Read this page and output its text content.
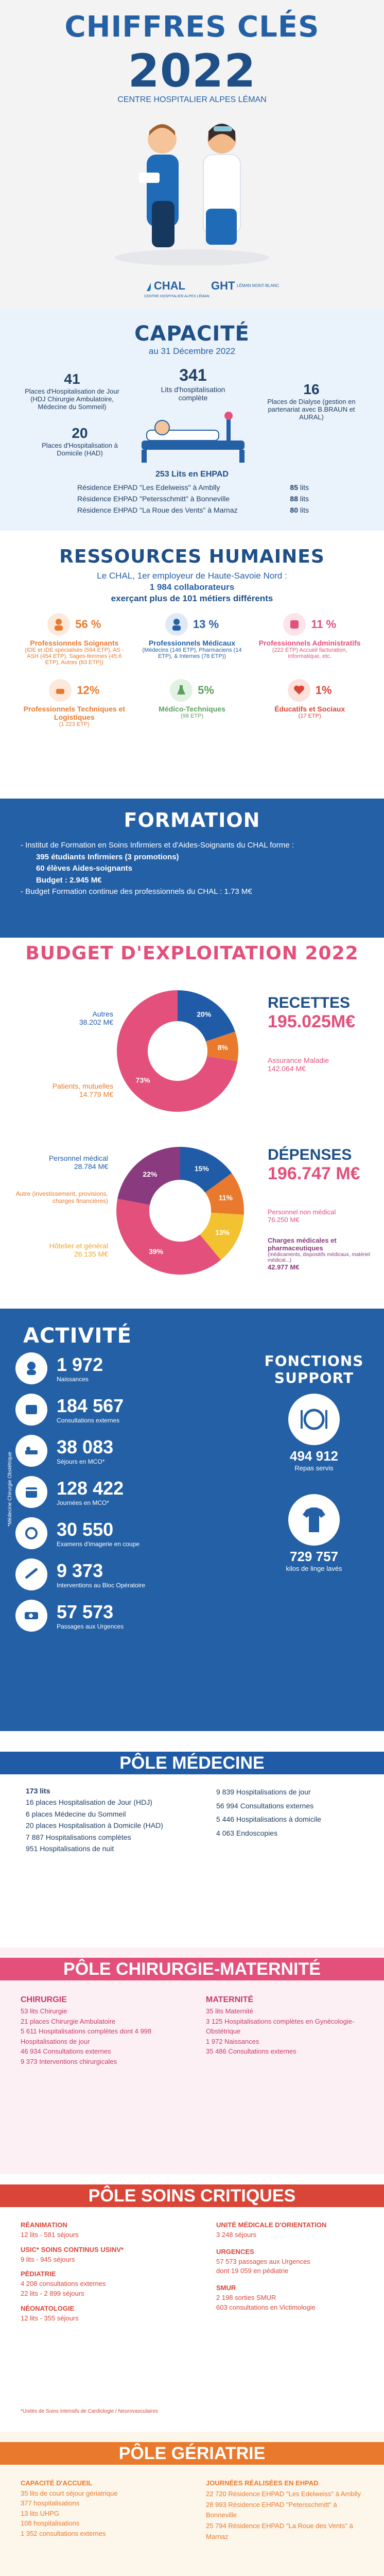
CHIFFRES CLÉS
2022
CENTRE HOSPITALIER ALPES LÉMAN
CHAL
CENTRE HOSPITALIER ALPES LÉMAN
GHT LÉMAN MONT-BLANC
CAPACITÉ
au 31 Décembre 2022
341
Lits d'hospitalisation complète
41
Places d'Hospitalisation de Jour (HDJ Chirurgie Ambulatoire, Médecine du Sommeil)
16
Places de Dialyse (gestion en partenariat avec B.BRAUN et AURAL)
20
Places d'Hospitalisation à Domicile (HAD)
253 Lits en EHPAD
Résidence EHPAD "Les Edelweiss" à Amblly	85 lits
Résidence EHPAD "Petersschmitt" à Bonneville	88 lits
Résidence EHPAD "La Roue des Vents" à Marnaz	80 lits
RESSOURCES HUMAINES
Le CHAL, 1er employeur de Haute-Savoie Nord :
1 984 collaborateurs
exerçant plus de 101 métiers différents
56 %
Professionnels Soignants
(IDE et IDE spécialisés (594 ETP), AS - ASH (454 ETP), Sages-femmes (45.6 ETP), Autres (83 ETP))
13 %
Professionnels Médicaux
(Médecins (146 ETP), Pharmaciens (14 ETP), & Internes (78 ETP))
11 %
Professionnels Administratifs
(222 ETP) Accueil facturation, informatique, etc.
12%
Professionnels Techniques et Logistiques
(1 223 ETP)
5%
Médico-Techniques
(98 ETP)
1%
Éducatifs et Sociaux
(17 ETP)
FORMATION
- Institut de Formation en Soins Infirmiers et d'Aides-Soignants du CHAL forme :
395 étudiants Infirmiers (3 promotions)
60 élèves Aides-soignants
Budget : 2.945 M€
- Budget Formation continue des professionnels du CHAL : 1.73 M€
BUDGET D'EXPLOITATION 2022
20%
8%
73%
RECETTES
195.025M€
Autres
38.202 M€
Patients, mutuelles
14.779 M€
Assurance Maladie
142.064 M€
15%
11%
13%
39%
22%
DÉPENSES
196.747 M€
Personnel médical
28.784 M€
Autre (investissement, provisions, charges financières)
Hôtelier et général
26.135 M€
Personnel non médical
76.250 M€
Charges médicales et pharmaceutiques
(médicaments, dispositifs médicaux, matériel médical...)
42.977 M€
ACTIVITÉ
1 972
Naissances
184 567
Consultations externes
38 083
Séjours en MCO*
128 422
Journées en MCO*
30 550
Examens d'imagerie en coupe
9 373
Interventions au Bloc Opératoire
57 573
Passages aux Urgences
*Médecine Chirurgie Obstétrique
FONCTIONS SUPPORT
494 912
Repas servis
729 757
kilos de linge lavés
PÔLE MÉDECINE
173 lits
16 places Hospitalisation de Jour (HDJ)
6 places Médecine du Sommeil
20 places Hospitalisation à Domicile (HAD)
7 887 Hospitalisations complètes
951 Hospitalisations de nuit
9 839 Hospitalisations de jour
56 994 Consultations externes
5 446 Hospitalisations à domicile
4 063 Endoscopies
PÔLE CHIRURGIE-MATERNITÉ
CHIRURGIE
53 lits Chirurgie
21 places Chirurgie Ambulatoire
5 611 Hospitalisations complètes dont 4 998 Hospitalisations de jour
46 934 Consultations externes
9 373 Interventions chirurgicales
MATERNITÉ
35 lits Maternité
3 125 Hospitalisations complètes en Gynécologie-Obstétrique
1 972 Naissances
35 486 Consultations externes
PÔLE SOINS CRITIQUES
RÉANIMATION
12 lits - 581 séjours
USIC* SOINS CONTINUS USINV*
9 lits - 945 séjours
PÉDIATRIE
4 208 consultations externes
22 lits - 2 899 séjours
NÉONATOLOGIE
12 lits - 355 séjours
UNITÉ MÉDICALE D'ORIENTATION
3 248 séjours
URGENCES
57 573 passages aux Urgences
dont 19 059 en pédiatrie
SMUR
2 198 sorties SMUR
603 consultations en Victimologie
*Unités de Soins Intensifs de Cardiologie / Neurovasculaires
PÔLE GÉRIATRIE
CAPACITÉ D'ACCUEIL
35 lits de court séjour gériatrique
377 hospitalisations
13 lits UHPG
108 hospitalisations
1 352 consultations externes
JOURNÉES RÉALISÉES EN EHPAD
22 720 Résidence EHPAD "Les Edelweiss" à Amblly
28 993 Résidence EHPAD "Petersschmitt" à Bonneville
25 794 Résidence EHPAD "La Roue des Vents" à Marnaz
